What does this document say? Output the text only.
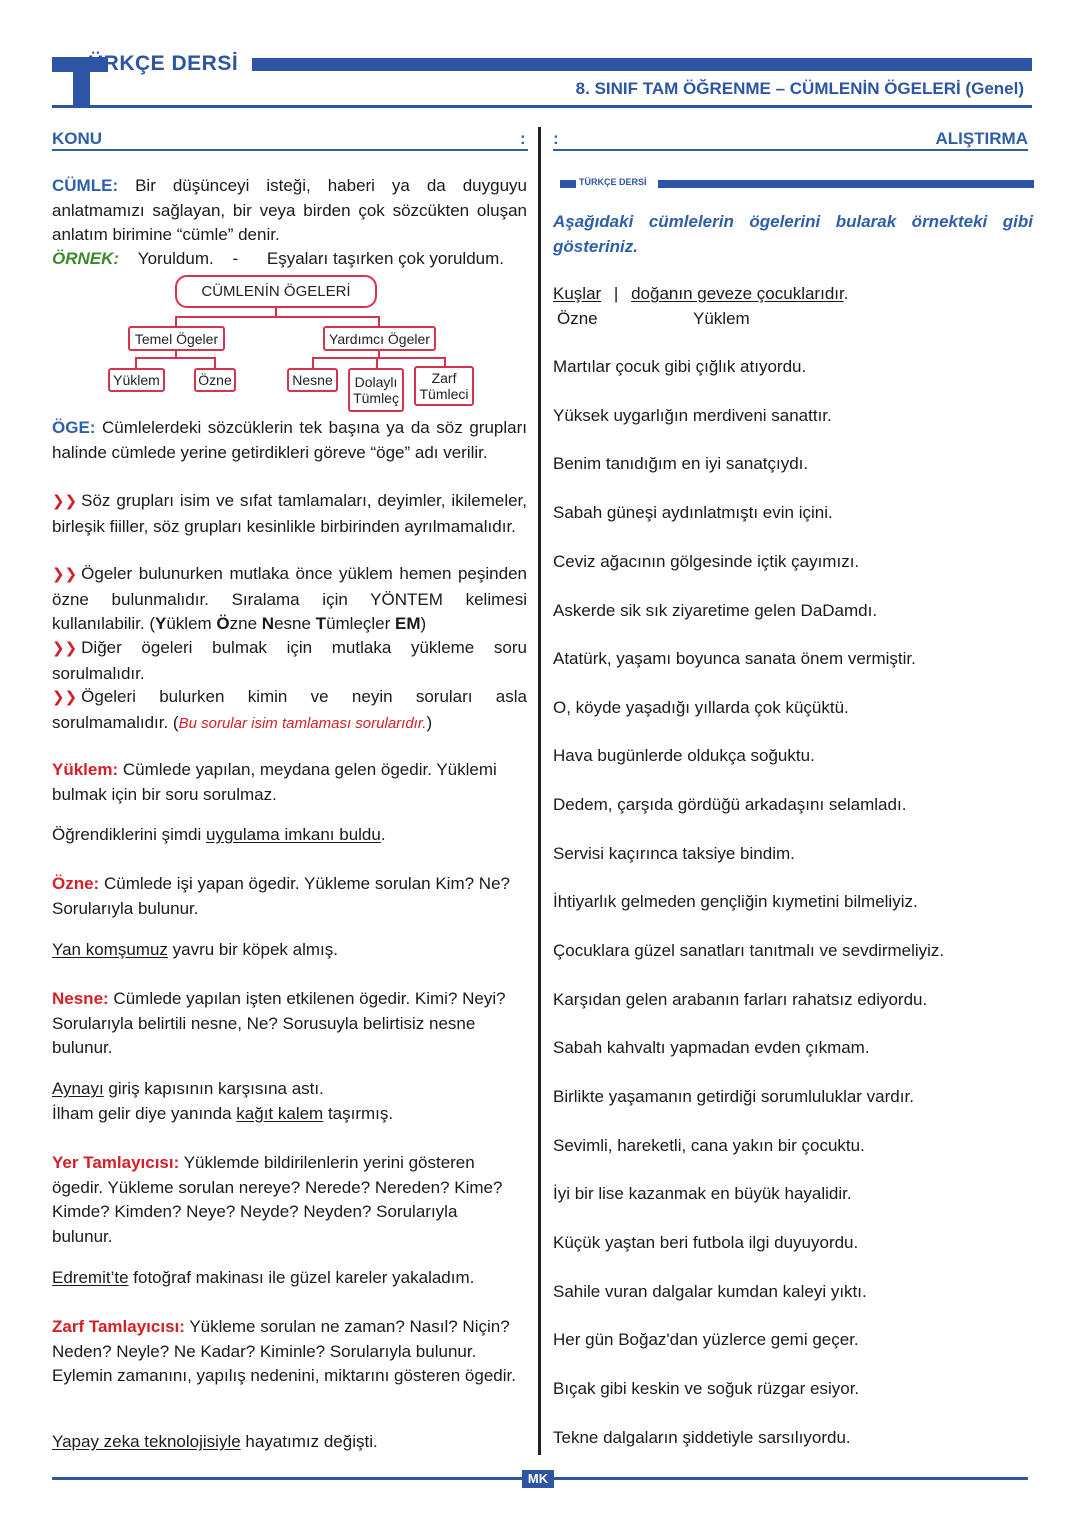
ÜRKÇE DERSİ
8. SINIF TAM ÖĞRENME – CÜMLENİN ÖGELERİ (Genel)
KONU	:

CÜMLE: Bir düşünceyi isteği, haberi ya da duyguyu anlatmamızı sağlayan, bir veya birden çok sözcükten oluşan anlatım birimine “cümle” denir.

ÖRNEK: Yoruldum. - Eşyaları taşırken çok yoruldum.
CÜMLENİN ÖGELERİ
Temel Ögeler	Yardımcı Ögeler
Yüklem	Özne	Nesne	Dolaylı Tümleç
Zarf Tümleci

ÖGE: Cümlelerdeki sözcüklerin tek başına ya da söz grupları halinde cümlede yerine getirdikleri göreve “öge” adı verilir.

❯❯ Söz grupları isim ve sıfat tamlamaları, deyimler, ikilemeler, birleşik fiiller, söz grupları kesinlikle birbirinden ayrılmamalıdır.

❯❯ Ögeler bulunurken mutlaka önce yüklem hemen peşinden özne bulunmalıdır. Sıralama için YÖNTEM kelimesi kullanılabilir. (Yüklem Özne Nesne Tümleçler EM)

❯❯ Diğer ögeleri bulmak için mutlaka yükleme soru sorulmalıdır.

❯❯ Ögeleri bulurken kimin ve neyin soruları asla sorulmamalıdır. (Bu sorular isim tamlaması sorularıdır.)

Yüklem: Cümlede yapılan, meydana gelen ögedir. Yüklemi bulmak için bir soru sorulmaz.

Öğrendiklerini şimdi uygulama imkanı buldu.

Özne: Cümlede işi yapan ögedir. Yükleme sorulan Kim? Ne? Sorularıyla bulunur.

Yan komşumuz yavru bir köpek almış.

Nesne: Cümlede yapılan işten etkilenen ögedir. Kimi? Neyi? Sorularıyla belirtili nesne, Ne? Sorusuyla belirtisiz nesne bulunur.

Aynayı giriş kapısının karşısına astı.
İlham gelir diye yanında kağıt kalem taşırmış.

Yer Tamlayıcısı: Yüklemde bildirilenlerin yerini gösteren ögedir. Yükleme sorulan nereye? Nerede? Nereden? Kime? Kimde? Kimden? Neye? Neyde? Neyden? Sorularıyla bulunur.

Edremit’te fotoğraf makinası ile güzel kareler yakaladım.

Zarf Tamlayıcısı: Yükleme sorulan ne zaman? Nasıl? Niçin? Neden? Neyle? Ne Kadar? Kiminle? Sorularıyla bulunur. Eylemin zamanını, yapılış nedenini, miktarını gösteren ögedir.

Yapay zeka teknolojisiyle hayatımız değişti.
:	ALIŞTIRMA
TÜRKÇE DERSİ
Aşağıdaki cümlelerin ögelerini bularak örnekteki gibi gösteriniz.
Kuşlar | doğanın geveze çocuklarıdır.
Özne	Yüklem
Martılar çocuk gibi çığlık atıyordu.
Yüksek uygarlığın merdiveni sanattır.
Benim tanıdığım en iyi sanatçıydı.
Sabah güneşi aydınlatmıştı evin içini.
Ceviz ağacının gölgesinde içtik çayımızı.
Askerde sik sık ziyaretime gelen DaDamdı.
Atatürk, yaşamı boyunca sanata önem vermiştir.
O, köyde yaşadığı yıllarda çok küçüktü.
Hava bugünlerde oldukça soğuktu.
Dedem, çarşıda gördüğü arkadaşını selamladı.
Servisi kaçırınca taksiye bindim.
İhtiyarlık gelmeden gençliğin kıymetini bilmeliyiz.
Çocuklara güzel sanatları tanıtmalı ve sevdirmeliyiz.
Karşıdan gelen arabanın farları rahatsız ediyordu.
Sabah kahvaltı yapmadan evden çıkmam.
Birlikte yaşamanın getirdiği sorumluluklar vardır.
Sevimli, hareketli, cana yakın bir çocuktu.
İyi bir lise kazanmak en büyük hayalidir.
Küçük yaştan beri futbola ilgi duyuyordu.
Sahile vuran dalgalar kumdan kaleyi yıktı.
Her gün Boğaz'dan yüzlerce gemi geçer.
Bıçak gibi keskin ve soğuk rüzgar esiyor.
Tekne dalgaların şiddetiyle sarsılıyordu.
MK
